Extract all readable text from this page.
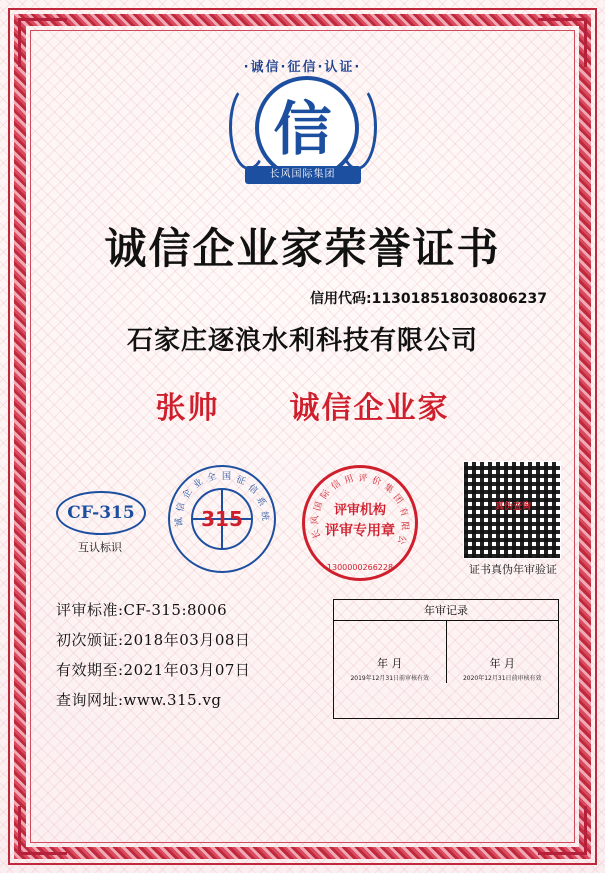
·诚信·征信·认证·
信
长风国际集团
诚信企业家荣誉证书
信用代码:113018518030806237
石家庄逐浪水利科技有限公司
张帅 诚信企业家
CF-315
互认标识
诚
信
企
业 全 国 征
信
系
统
315
长
风
国
际
信 用 评 价
集
团
有
限
公
评审机构
评审专用章
1300000266228
真伪查询
证书真伪年审验证
评审标准:CF-315:8006
初次颁证:2018年03月08日
有效期至:2021年03月07日
查询网址:www.315.vg
年审记录
年 月
2019年12月31日前审核有效
年 月
2020年12月31日前审核有效
